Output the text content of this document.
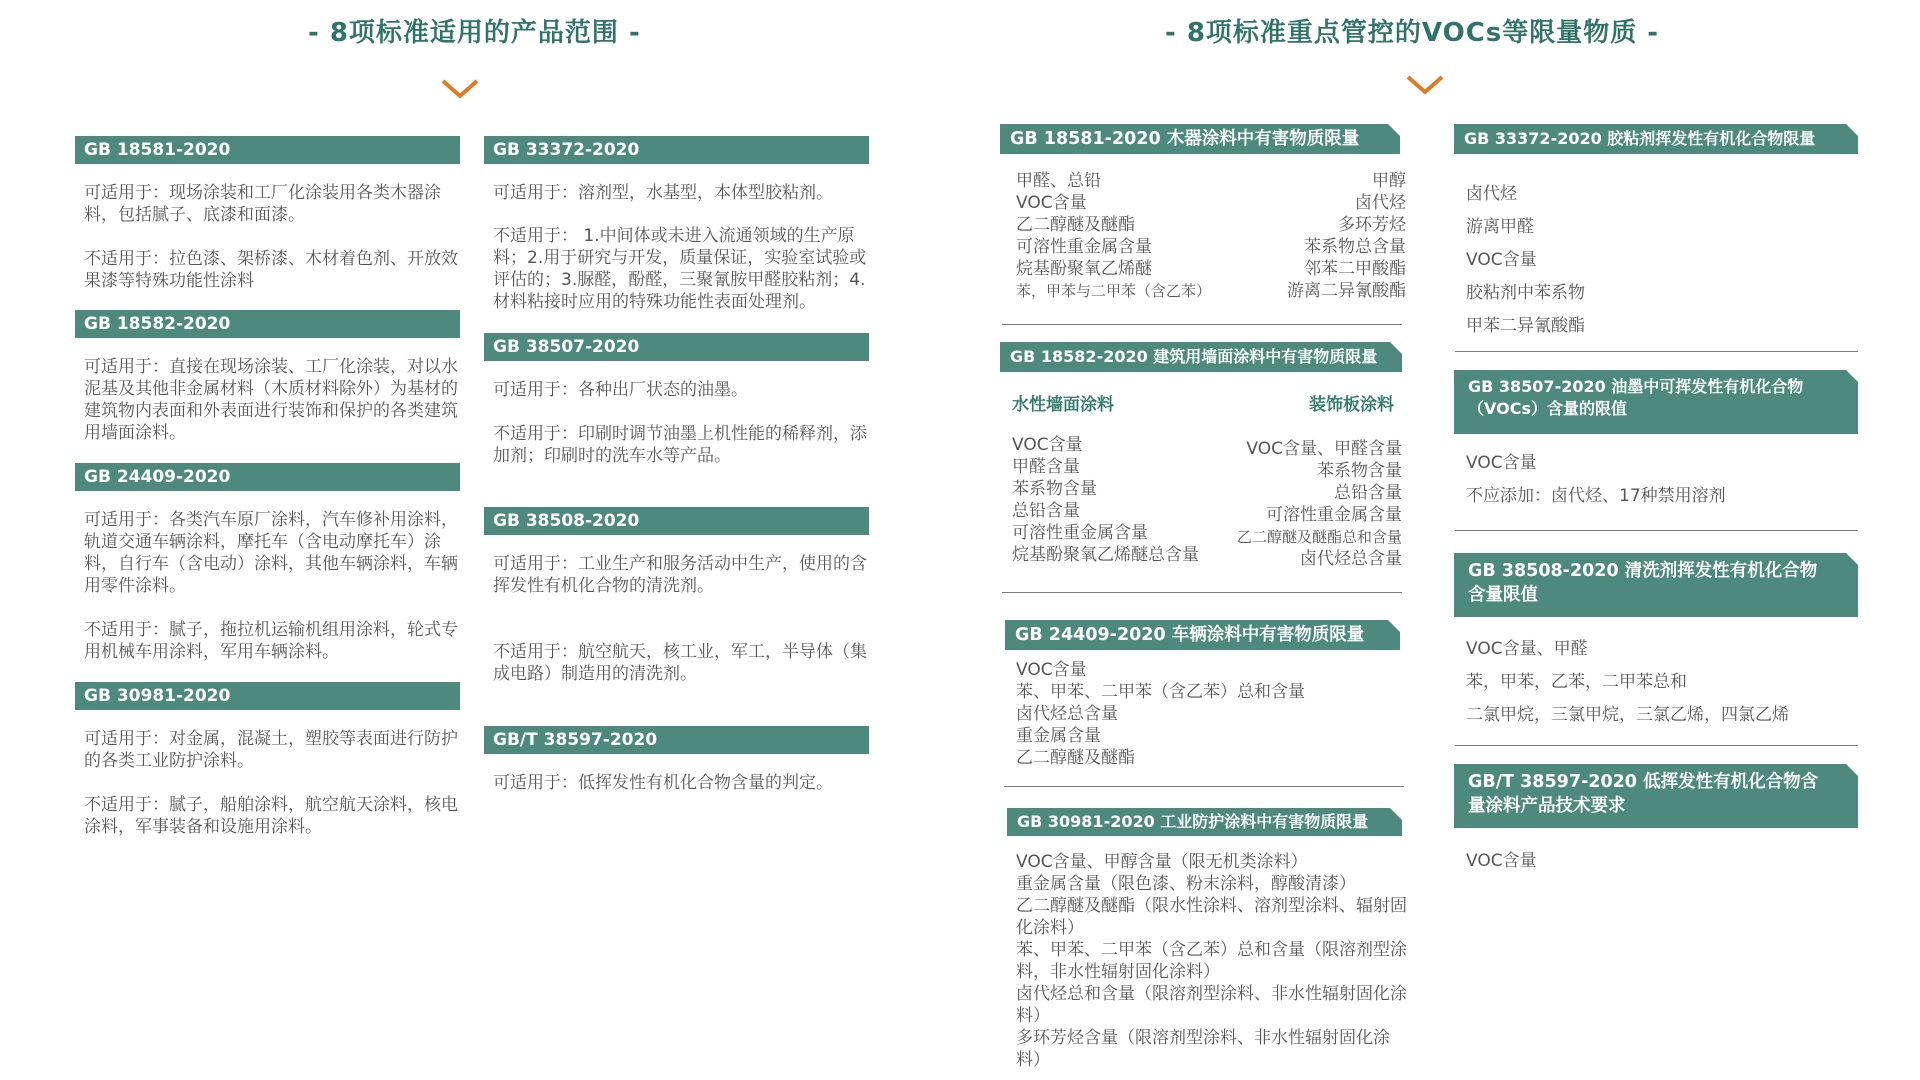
- 8项标准适用的产品范围 -	- 8项标准重点管控的VOCs等限量物质 -
GB 18581-2020
可适用于：现场涂装和工厂化涂装用各类木器涂料，包括腻子、底漆和面漆。
不适用于：拉色漆、架桥漆、木材着色剂、开放效果漆等特殊功能性涂料
GB 18582-2020
可适用于：直接在现场涂装、工厂化涂装，对以水泥基及其他非金属材料（木质材料除外）为基材的建筑物内表面和外表面进行装饰和保护的各类建筑用墙面涂料。
GB 24409-2020
可适用于：各类汽车原厂涂料，汽车修补用涂料，轨道交通车辆涂料，摩托车（含电动摩托车）涂料，自行车（含电动）涂料，其他车辆涂料，车辆用零件涂料。
不适用于：腻子，拖拉机运输机组用涂料，轮式专用机械车用涂料，军用车辆涂料。
GB 30981-2020
可适用于：对金属，混凝土，塑胶等表面进行防护的各类工业防护涂料。
不适用于：腻子，船舶涂料，航空航天涂料，核电涂料，军事装备和设施用涂料。
GB 33372-2020
可适用于：溶剂型，水基型，本体型胶粘剂。
不适用于： 1.中间体或未进入流通领域的生产原料；2.用于研究与开发，质量保证，实验室试验或评估的；3.脲醛，酚醛，三聚氰胺甲醛胶粘剂；4.材料粘接时应用的特殊功能性表面处理剂。
GB 38507-2020
可适用于：各种出厂状态的油墨。
不适用于：印刷时调节油墨上机性能的稀释剂，添加剂；印刷时的洗车水等产品。
GB 38508-2020
可适用于：工业生产和服务活动中生产，使用的含挥发性有机化合物的清洗剂。
不适用于：航空航天，核工业，军工，半导体（集成电路）制造用的清洗剂。
GB/T 38597-2020
可适用于：低挥发性有机化合物含量的判定。
GB 18581-2020 木器涂料中有害物质限量
甲醛、总铅
VOC含量
乙二醇醚及醚酯
可溶性重金属含量
烷基酚聚氧乙烯醚
苯，甲苯与二甲苯（含乙苯）
甲醇
卤代烃
多环芳烃
苯系物总含量
邻苯二甲酸酯
游离二异氰酸酯
GB 18582-2020 建筑用墙面涂料中有害物质限量
水性墙面涂料	装饰板涂料
VOC含量
甲醛含量
苯系物含量
总铅含量
可溶性重金属含量
烷基酚聚氧乙烯醚总含量
VOC含量、甲醛含量
苯系物含量
总铅含量
可溶性重金属含量
乙二醇醚及醚酯总和含量
卤代烃总含量
GB 24409-2020 车辆涂料中有害物质限量
VOC含量
苯、甲苯、二甲苯（含乙苯）总和含量
卤代烃总含量
重金属含量
乙二醇醚及醚酯
GB 30981-2020 工业防护涂料中有害物质限量
VOC含量、甲醇含量（限无机类涂料）
重金属含量（限色漆、粉末涂料，醇酸清漆）
乙二醇醚及醚酯（限水性涂料、溶剂型涂料、辐射固化涂料）
苯、甲苯、二甲苯（含乙苯）总和含量（限溶剂型涂料，非水性辐射固化涂料）
卤代烃总和含量（限溶剂型涂料、非水性辐射固化涂料）
多环芳烃含量（限溶剂型涂料、非水性辐射固化涂料）
GB 33372-2020 胶粘剂挥发性有机化合物限量
卤代烃
游离甲醛
VOC含量
胶粘剂中苯系物
甲苯二异氰酸酯
GB 38507-2020 油墨中可挥发性有机化合物（VOCs）含量的限值
VOC含量
不应添加：卤代烃、17种禁用溶剂
GB 38508-2020 清洗剂挥发性有机化合物含量限值
VOC含量、甲醛
苯，甲苯，乙苯，二甲苯总和
二氯甲烷，三氯甲烷，三氯乙烯，四氯乙烯
GB/T 38597-2020 低挥发性有机化合物含量涂料产品技术要求
VOC含量
